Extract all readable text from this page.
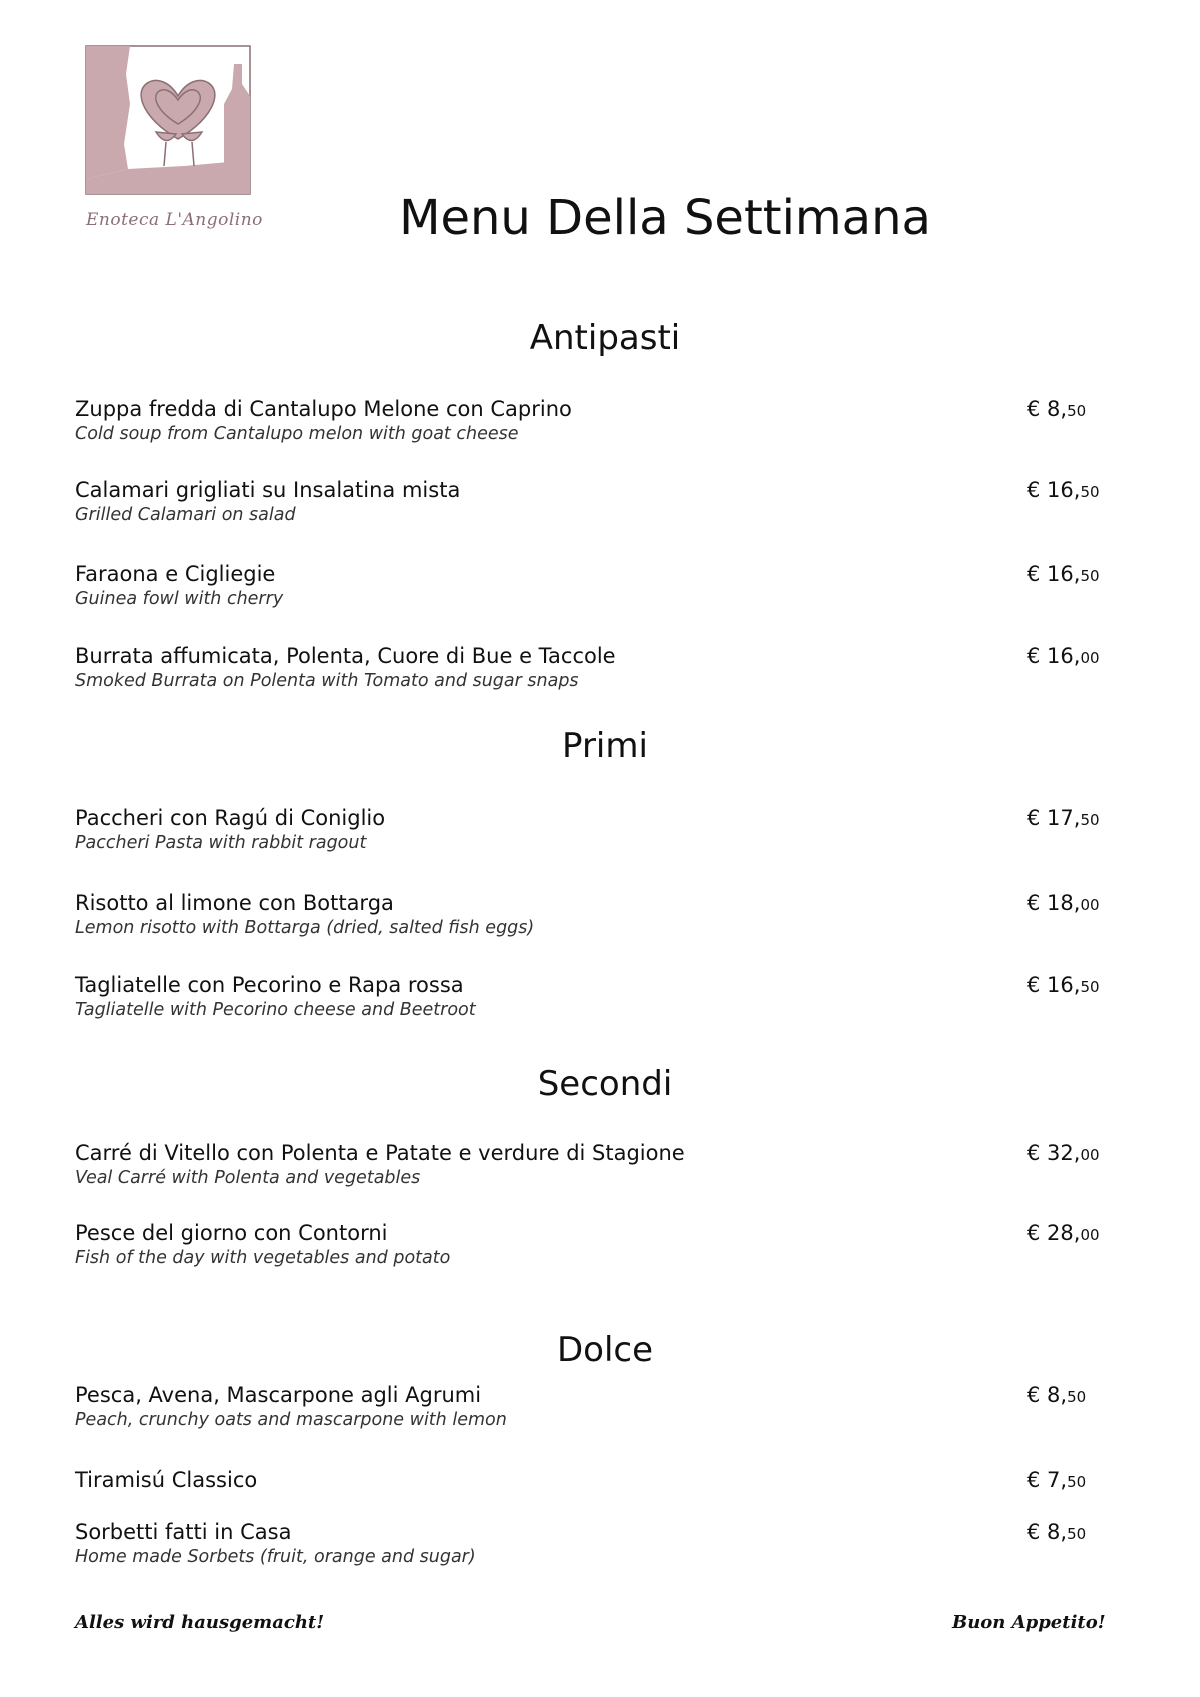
Enoteca L'Angolino	Menu Della Settimana
Antipasti
Zuppa fredda di Cantalupo Melone con Caprino
Cold soup from Cantalupo melon with goat cheese
€ 8,50
Calamari grigliati su Insalatina mista
Grilled Calamari on salad
€ 16,50
Faraona e Cigliegie
Guinea fowl with cherry
€ 16,50
Burrata affumicata, Polenta, Cuore di Bue e Taccole
Smoked Burrata on Polenta with Tomato and sugar snaps
€ 16,00
Primi
Paccheri con Ragú di Coniglio
Paccheri Pasta with rabbit ragout
€ 17,50
Risotto al limone con Bottarga
Lemon risotto with Bottarga (dried, salted fish eggs)
€ 18,00
Tagliatelle con Pecorino e Rapa rossa
Tagliatelle with Pecorino cheese and Beetroot
€ 16,50
Secondi
Carré di Vitello con Polenta e Patate e verdure di Stagione
Veal Carré with Polenta and vegetables
€ 32,00
Pesce del giorno con Contorni
Fish of the day with vegetables and potato
€ 28,00
Dolce
Pesca, Avena, Mascarpone agli Agrumi
Peach, crunchy oats and mascarpone with lemon
€ 8,50
Tiramisú Classico	€ 7,50
Sorbetti fatti in Casa
Home made Sorbets (fruit, orange and sugar)
€ 8,50
Alles wird hausgemacht!	Buon Appetito!
